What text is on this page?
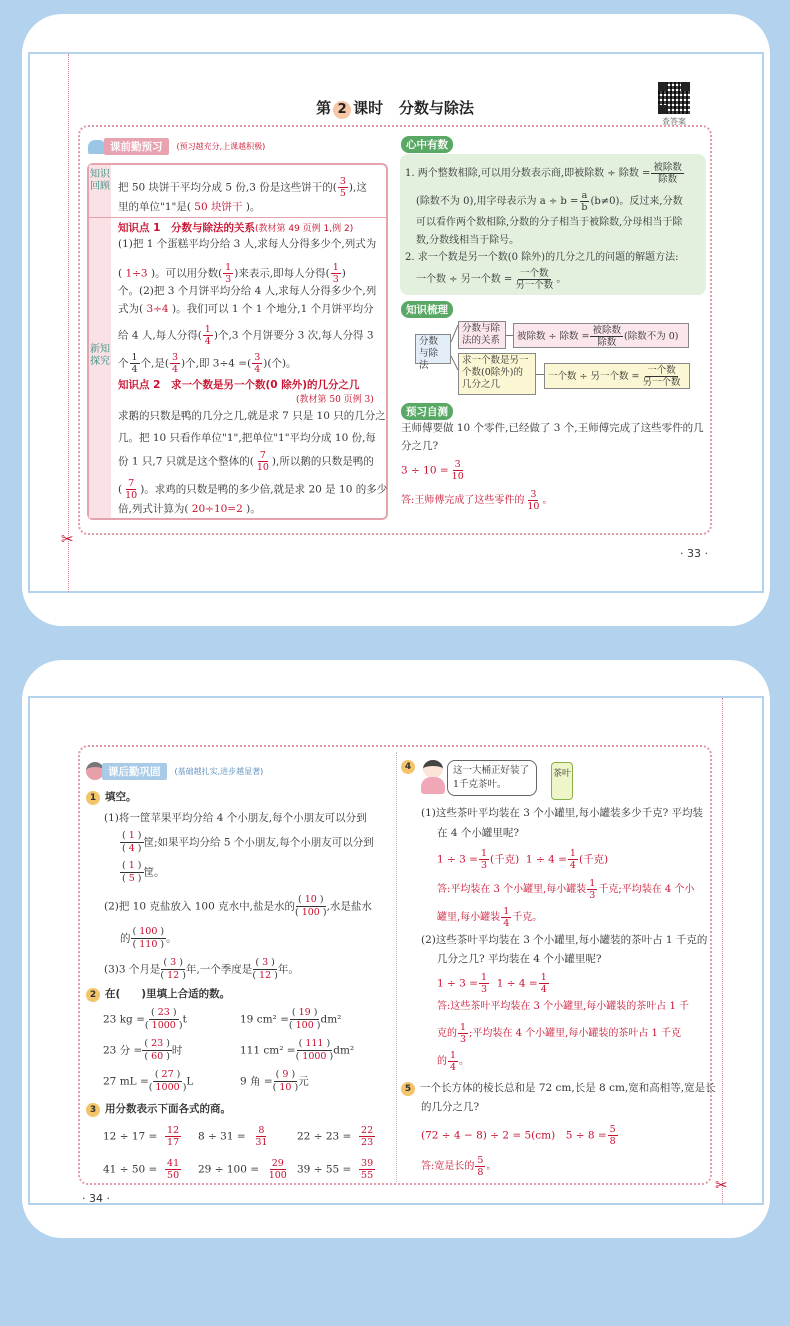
✂
第 2 课时 分数与除法
查答案
课前勤预习	(预习越充分,上课越积极)
知识回顾
新知探究
把 50 块饼干平均分成 5 份,3 份是这些饼干的( $\frac{3}{5}$ ),这
里的单位"1"是( 50 块饼干 )。
知识点 1　分数与除法的关系(教材第 49 页例 1,例 2)
(1)把 1 个蛋糕平均分给 3 人,求每人分得多少个,列式为
( 1÷3 )。可以用分数( $\frac{1}{3}$ )来表示,即每人分得( $\frac{1}{3}$ )
个。(2)把 3 个月饼平均分给 4 人,求每人分得多少个,列
式为( 3÷4 )。我们可以 1 个 1 个地分,1 个月饼平均分
给 4 人,每人分得( $\frac{1}{4}$ )个,3 个月饼要分 3 次,每人分得 3
个 $\frac{1}{4}$ 个,是( $\frac{3}{4}$ )个,即 3÷4 =( $\frac{3}{4}$ )(个)。
知识点 2　求一个数是另一个数(0 除外)的几分之几
(教材第 50 页例 3)
求鹅的只数是鸭的几分之几,就是求 7 只是 10 只的几分之
几。把 10 只看作单位"1",把单位"1"平均分成 10 份,每
份 1 只,7 只就是这个整体的( $\frac{7}{10}$ ),所以鹅的只数是鸭的
( $\frac{7}{10}$ )。求鸡的只数是鸭的多少倍,就是求 20 是 10 的多少
倍,列式计算为( 20÷10=2 )。
心中有数
1. 两个整数相除,可以用分数表示商,即被除数 ÷ 除数 = $\frac{\text{被除数}}{\text{除数}}$
(除数不为 0),用字母表示为 $a \div b = \frac{a}{b} (b\ne 0)$。反过来,分数
可以看作两个数相除,分数的分子相当于被除数,分母相当于除
数,分数线相当于除号。
2. 求一个数是另一个数(0 除外)的几分之几的问题的解题方法:
一个数 ÷ 另一个数 = $\frac{\text{一个数}}{\text{另一个数}}$ 。
知识梳理
分数与除法
分数与除法的关系	被除数 ÷ 除数 = $\frac{\text{被除数}}{\text{除数}}$ (除数不为 0)
求一个数是另一个数(0除外)的几分之几
一个数 ÷ 另一个数 = $\frac{\text{一个数}}{\text{另一个数}}$
预习自测
王师傅要做 10 个零件,已经做了 3 个,王师傅完成了这些零件的几
分之几?
$3 \div 10 = \frac{3}{10}$
答:王师傅完成了这些零件的 $\frac{3}{10}$ 。
· 33 ·
✂
课后勤巩固	(基础越扎实,进步越显著)
1 填空。
(1)将一筐苹果平均分给 4 个小朋友,每个小朋友可以分到
$\frac{( 1 )}{( 4 )}$ 筐;如果平均分给 5 个小朋友,每个小朋友可以分到
$\frac{( 1 )}{( 5 )}$ 筐。
(2)把 10 克盐放入 100 克水中,盐是水的 $\frac{( 10 )}{( 100 )}$ ,水是盐水
的 $\frac{( 100 )}{( 110 )}$ 。
(3)3 个月是 $\frac{( 3 )}{( 12 )}$ 年,一个季度是 $\frac{( 3 )}{( 12 )}$ 年。
2 在(　　)里填上合适的数。
23 kg = $\frac{( 23 )}{( 1000 )}$ t	19 $cm^2 = \frac{( 19 )}{( 100 )} dm^2$
23 分 = $\frac{( 23 )}{( 60 )}$ 时	111 $cm^2 = \frac{( 111 )}{( 1000 )} dm^2$
27 mL = $\frac{( 27 )}{( 1000 )}$ L	9 角 = $\frac{( 9 )}{( 10 )}$ 元
3 用分数表示下面各式的商。
$12 \div 17 = \frac{12}{17} 8 \div 31 = \frac{8}{31}$	$22 \div 23 = \frac{22}{23}$
$41 \div 50 = \frac{41}{50} 29 \div 100 = \frac{29}{100} 39 \div 55 = \frac{39}{55}$
· 34 ·
4	这一大桶正好装了1千克茶叶。
茶叶
(1)这些茶叶平均装在 3 个小罐里,每小罐装多少千克? 平均装
在 4 个小罐里呢?
$1 \div 3 = \frac{1}{3}$ (千克) $1 \div 4 = \frac{1}{4}$ (千克)
答:平均装在 3 个小罐里,每小罐装 $\frac{1}{3}$ 千克;平均装在 4 个小
罐里,每小罐装 $\frac{1}{4}$ 千克。
(2)这些茶叶平均装在 3 个小罐里,每小罐装的茶叶占 1 千克的
几分之几? 平均装在 4 个小罐里呢?
$1 \div 3 = \frac{1}{3} 1 \div 4 = \frac{1}{4}$
答:这些茶叶平均装在 3 个小罐里,每小罐装的茶叶占 1 千
克的 $\frac{1}{3}$ ;平均装在 4 个小罐里,每小罐装的茶叶占 1 千克
的 $\frac{1}{4}$ 。
5 一个长方体的棱长总和是 72 cm,长是 8 cm,宽和高相等,宽是长
的几分之几?
(72 ÷ 4 − 8) ÷ 2 = 5(cm)　$5 \div 8 = \frac{5}{8}$
答:宽是长的 $\frac{5}{8}$ 。
